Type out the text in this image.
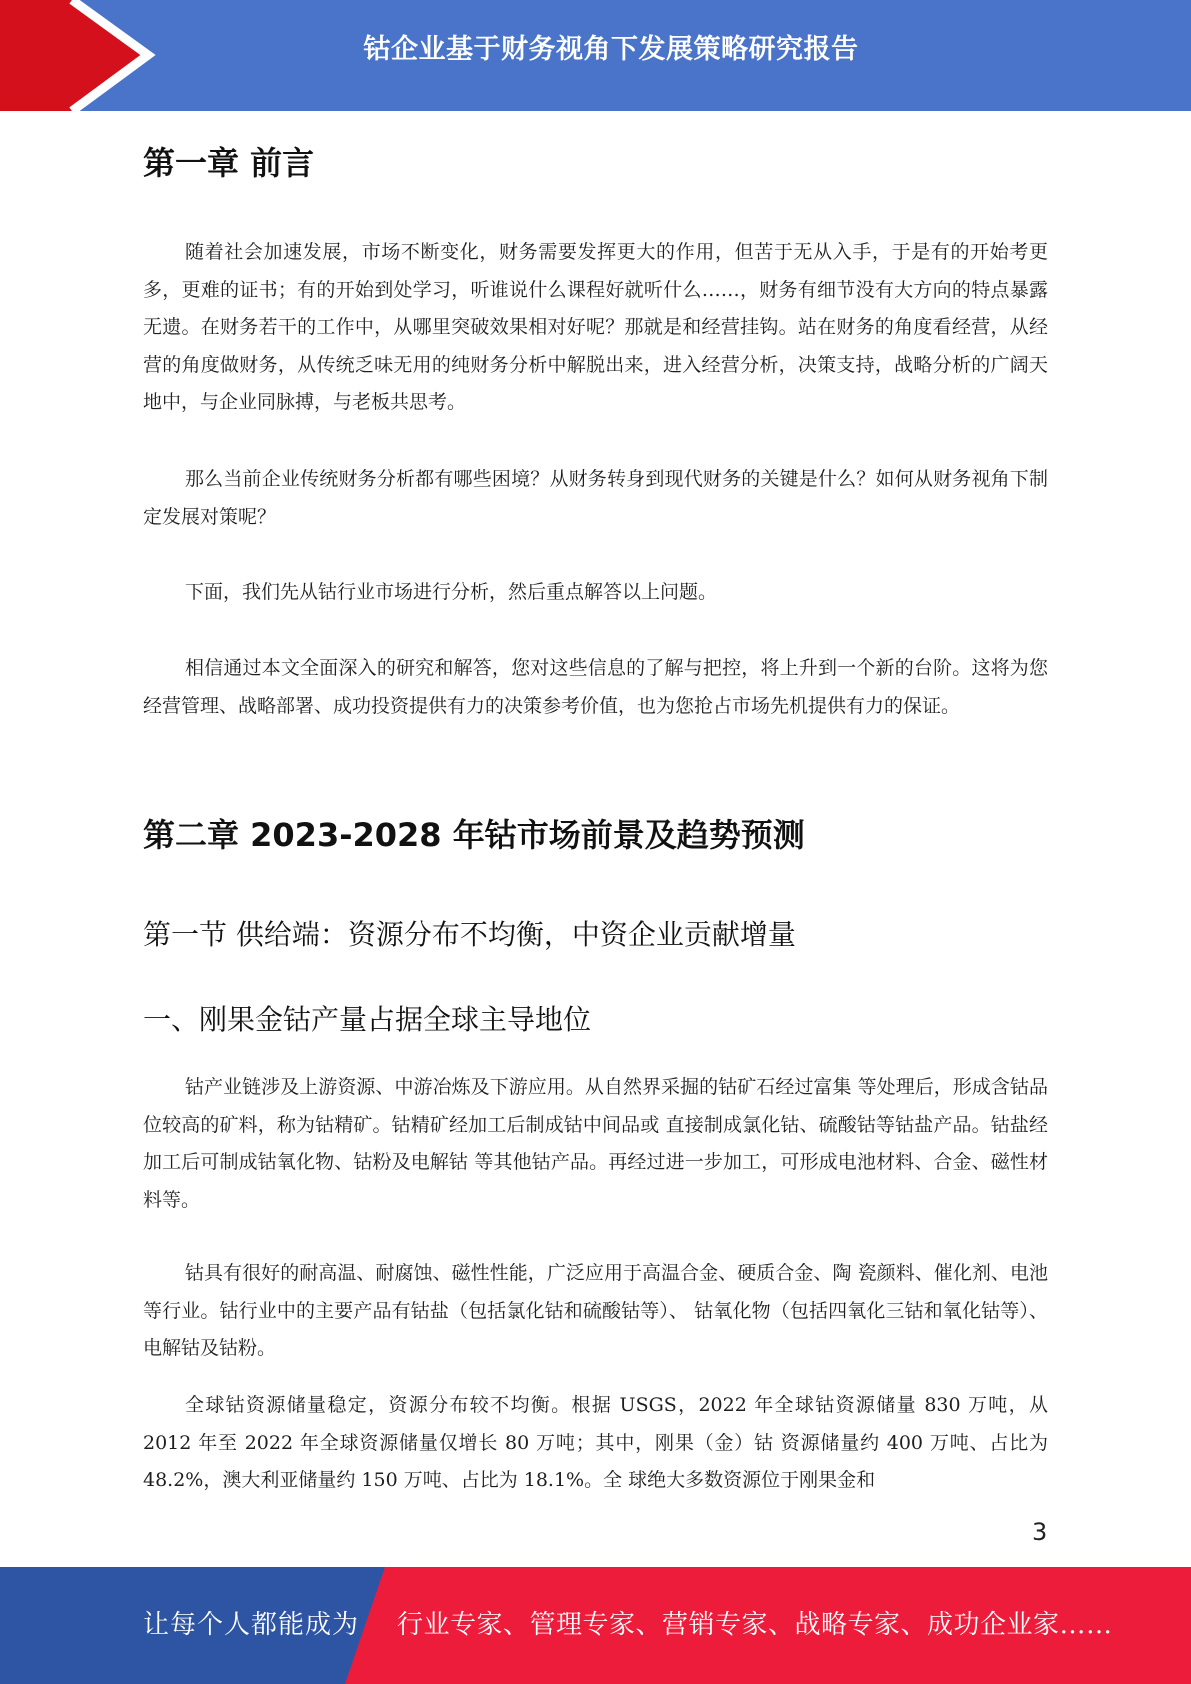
钴企业基于财务视角下发展策略研究报告
第一章 前言

随着社会加速发展，市场不断变化，财务需要发挥更大的作用，但苦于无从入手，于是有的开始考更多，更难的证书；有的开始到处学习，听谁说什么课程好就听什么……，财务有细节没有大方向的特点暴露无遗。在财务若干的工作中，从哪里突破效果相对好呢？那就是和经营挂钩。站在财务的角度看经营，从经营的角度做财务，从传统乏味无用的纯财务分析中解脱出来，进入经营分析，决策支持，战略分析的广阔天地中，与企业同脉搏，与老板共思考。

那么当前企业传统财务分析都有哪些困境？从财务转身到现代财务的关键是什么？如何从财务视角下制定发展对策呢？

下面，我们先从钴行业市场进行分析，然后重点解答以上问题。

相信通过本文全面深入的研究和解答，您对这些信息的了解与把控，将上升到一个新的台阶。这将为您经营管理、战略部署、成功投资提供有力的决策参考价值，也为您抢占市场先机提供有力的保证。

第二章 2023-2028 年钴市场前景及趋势预测
第一节 供给端：资源分布不均衡，中资企业贡献增量
一、刚果金钴产量占据全球主导地位

钴产业链涉及上游资源、中游冶炼及下游应用。从自然界采掘的钴矿石经过富集 等处理后，形成含钴品位较高的矿料，称为钴精矿。钴精矿经加工后制成钴中间品或 直接制成氯化钴、硫酸钴等钴盐产品。钴盐经加工后可制成钴氧化物、钴粉及电解钴 等其他钴产品。再经过进一步加工，可形成电池材料、合金、磁性材料等。

钴具有很好的耐高温、耐腐蚀、磁性性能，广泛应用于高温合金、硬质合金、陶 瓷颜料、催化剂、电池等行业。钴行业中的主要产品有钴盐（包括氯化钴和硫酸钴等）、 钴氧化物（包括四氧化三钴和氧化钴等）、电解钴及钴粉。

全球钴资源储量稳定，资源分布较不均衡。根据 USGS，2022 年全球钴资源储量 830 万吨，从 2012 年至 2022 年全球资源储量仅增长 80 万吨；其中，刚果（金）钴 资源储量约 400 万吨、占比为 48.2%，澳大利亚储量约 150 万吨、占比为 18.1%。全 球绝大多数资源位于刚果金和

3
让每个人都能成为 行业专家、管理专家、营销专家、战略专家、成功企业家……
